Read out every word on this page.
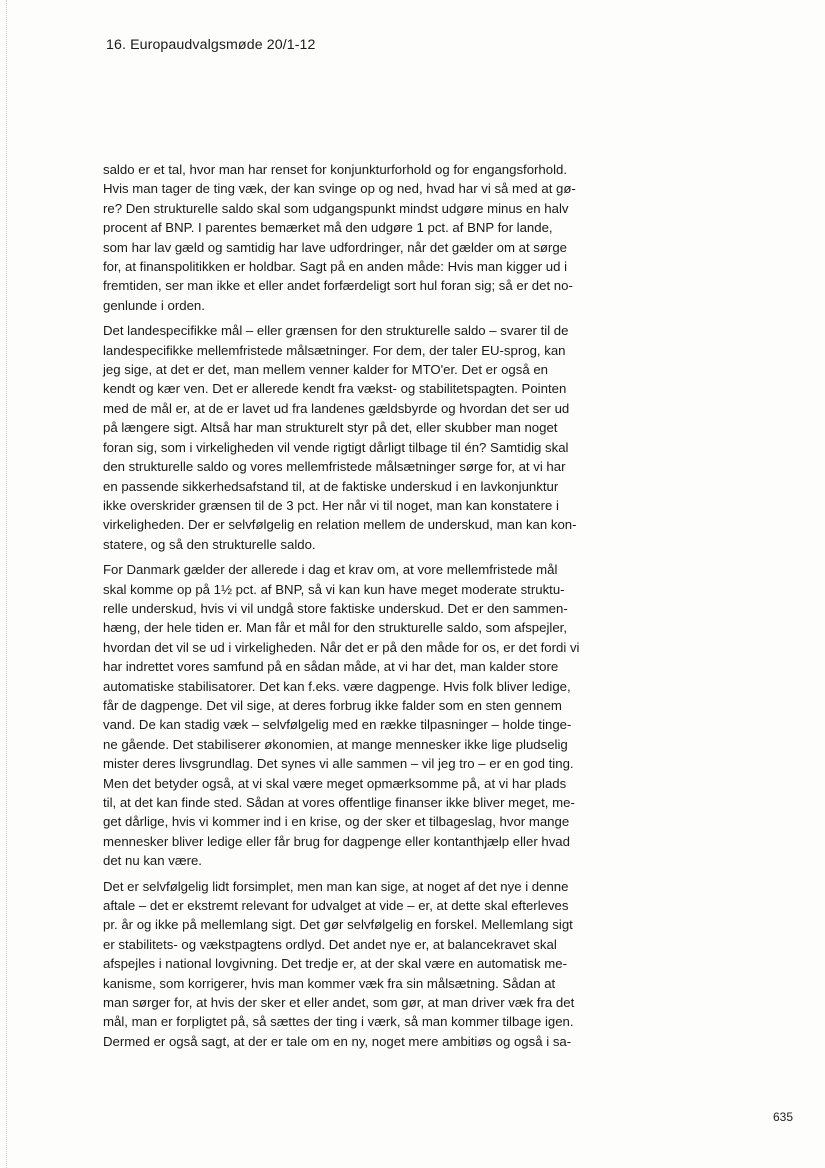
16. Europaudvalgsmøde 20/1-12

saldo er et tal, hvor man har renset for konjunkturforhold og for engangsforhold.
Hvis man tager de ting væk, der kan svinge op og ned, hvad har vi så med at gø-
re? Den strukturelle saldo skal som udgangspunkt mindst udgøre minus en halv
procent af BNP. I parentes bemærket må den udgøre 1 pct. af BNP for lande,
som har lav gæld og samtidig har lave udfordringer, når det gælder om at sørge
for, at finanspolitikken er holdbar. Sagt på en anden måde: Hvis man kigger ud i
fremtiden, ser man ikke et eller andet forfærdeligt sort hul foran sig; så er det no-
genlunde i orden.

Det landespecifikke mål – eller grænsen for den strukturelle saldo – svarer til de
landespecifikke mellemfristede målsætninger. For dem, der taler EU-sprog, kan
jeg sige, at det er det, man mellem venner kalder for MTO'er. Det er også en
kendt og kær ven. Det er allerede kendt fra vækst- og stabilitetspagten. Pointen
med de mål er, at de er lavet ud fra landenes gældsbyrde og hvordan det ser ud
på længere sigt. Altså har man strukturelt styr på det, eller skubber man noget
foran sig, som i virkeligheden vil vende rigtigt dårligt tilbage til én? Samtidig skal
den strukturelle saldo og vores mellemfristede målsætninger sørge for, at vi har
en passende sikkerhedsafstand til, at de faktiske underskud i en lavkonjunktur
ikke overskrider grænsen til de 3 pct. Her når vi til noget, man kan konstatere i
virkeligheden. Der er selvfølgelig en relation mellem de underskud, man kan kon-
statere, og så den strukturelle saldo.

For Danmark gælder der allerede i dag et krav om, at vore mellemfristede mål
skal komme op på 1½ pct. af BNP, så vi kan kun have meget moderate struktu-
relle underskud, hvis vi vil undgå store faktiske underskud. Det er den sammen-
hæng, der hele tiden er. Man får et mål for den strukturelle saldo, som afspejler,
hvordan det vil se ud i virkeligheden. Når det er på den måde for os, er det fordi vi
har indrettet vores samfund på en sådan måde, at vi har det, man kalder store
automatiske stabilisatorer. Det kan f.eks. være dagpenge. Hvis folk bliver ledige,
får de dagpenge. Det vil sige, at deres forbrug ikke falder som en sten gennem
vand. De kan stadig væk – selvfølgelig med en række tilpasninger – holde tinge-
ne gående. Det stabiliserer økonomien, at mange mennesker ikke lige pludselig
mister deres livsgrundlag. Det synes vi alle sammen – vil jeg tro – er en god ting.
Men det betyder også, at vi skal være meget opmærksomme på, at vi har plads
til, at det kan finde sted. Sådan at vores offentlige finanser ikke bliver meget, me-
get dårlige, hvis vi kommer ind i en krise, og der sker et tilbageslag, hvor mange
mennesker bliver ledige eller får brug for dagpenge eller kontanthjælp eller hvad
det nu kan være.

Det er selvfølgelig lidt forsimplet, men man kan sige, at noget af det nye i denne
aftale – det er ekstremt relevant for udvalget at vide – er, at dette skal efterleves
pr. år og ikke på mellemlang sigt. Det gør selvfølgelig en forskel. Mellemlang sigt
er stabilitets- og vækstpagtens ordlyd. Det andet nye er, at balancekravet skal
afspejles i national lovgivning. Det tredje er, at der skal være en automatisk me-
kanisme, som korrigerer, hvis man kommer væk fra sin målsætning. Sådan at
man sørger for, at hvis der sker et eller andet, som gør, at man driver væk fra det
mål, man er forpligtet på, så sættes der ting i værk, så man kommer tilbage igen.
Dermed er også sagt, at der er tale om en ny, noget mere ambitiøs og også i sa-

635
